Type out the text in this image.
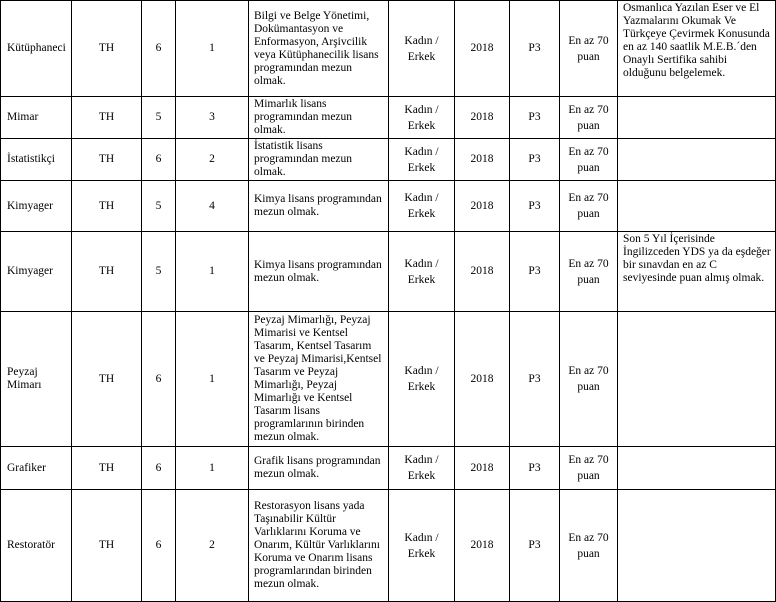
Kütüphaneci	TH	6	1	Bilgi ve Belge Yönetimi, Dokümantasyon ve Enformasyon, Arşivcilik veya Kütüphanecilik lisans programından mezun olmak.	Kadın / Erkek	2018	P3	En az 70 puan	Osmanlıca Yazılan Eser ve El Yazmalarını Okumak Ve Türkçeye Çevirmek Konusunda en az 140 saatlik M.E.B.´den Onaylı Sertifika sahibi olduğunu belgelemek.
Mimar	TH	5	3	Mimarlık lisans programından mezun olmak.	Kadın / Erkek	2018	P3	En az 70 puan	
İstatistikçi	TH	6	2	İstatistik lisans programından mezun olmak.	Kadın / Erkek	2018	P3	En az 70 puan	
Kimyager	TH	5	4	Kimya lisans programından mezun olmak.	Kadın / Erkek	2018	P3	En az 70 puan	
Kimyager	TH	5	1	Kimya lisans programından mezun olmak.	Kadın / Erkek	2018	P3	En az 70 puan	Son 5 Yıl İçerisinde İngilizceden YDS ya da eşdeğer bir sınavdan en az C seviyesinde puan almış olmak.
Peyzaj Mimarı	TH	6	1	Peyzaj Mimarlığı, Peyzaj Mimarisi ve Kentsel Tasarım, Kentsel Tasarım ve Peyzaj Mimarisi,Kentsel Tasarım ve Peyzaj Mimarlığı, Peyzaj Mimarlığı ve Kentsel Tasarım lisans programlarının birinden mezun olmak.	Kadın / Erkek	2018	P3	En az 70 puan	
Grafiker	TH	6	1	Grafik lisans programından mezun olmak.	Kadın / Erkek	2018	P3	En az 70 puan	
Restoratör	TH	6	2	Restorasyon lisans yada Taşınabilir Kültür Varlıklarını Koruma ve Onarım, Kültür Varlıklarını Koruma ve Onarım lisans programlarından birinden mezun olmak.	Kadın / Erkek	2018	P3	En az 70 puan	
